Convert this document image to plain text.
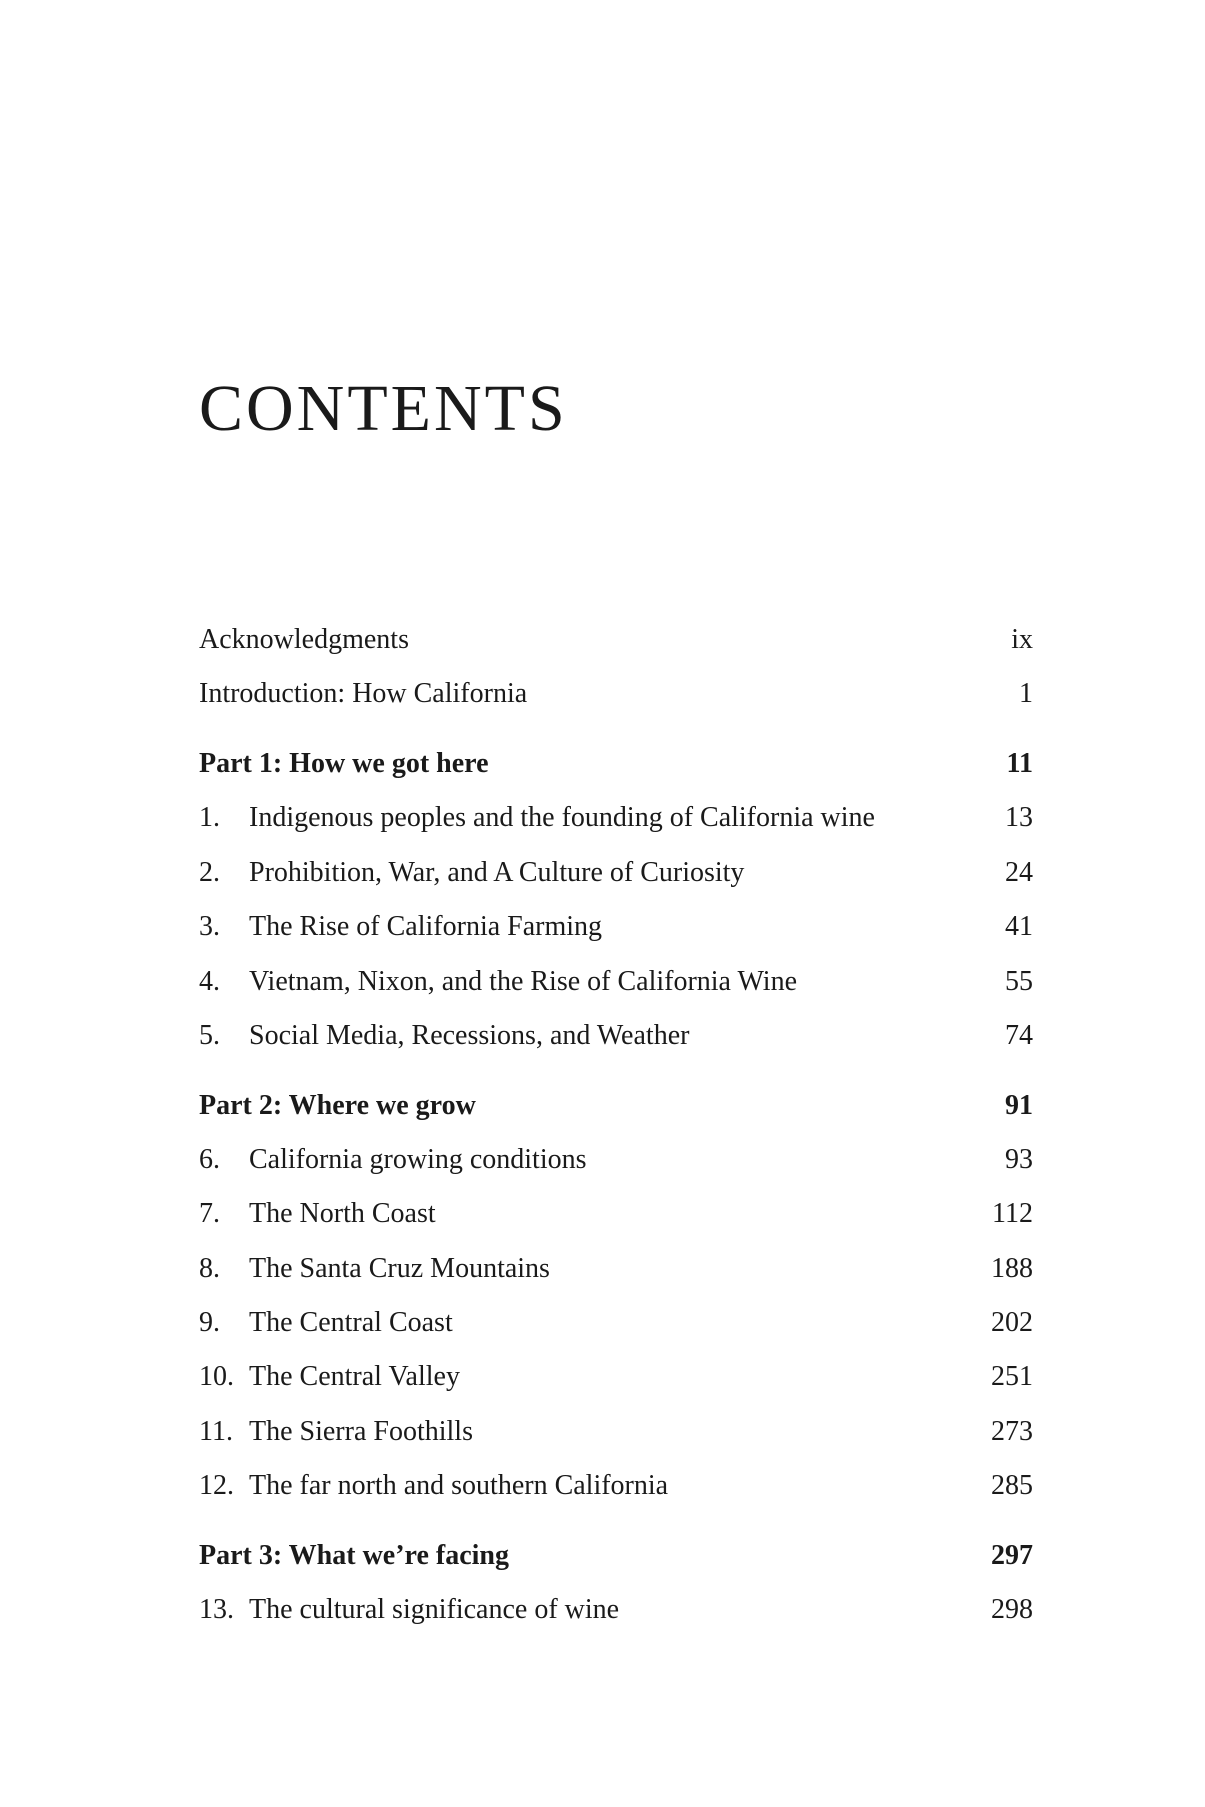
CONTENTS
Acknowledgments	ix
Introduction: How California	1
Part 1: How we got here	11
1. Indigenous peoples and the founding of California wine	13
2. Prohibition, War, and A Culture of Curiosity	24
3. The Rise of California Farming	41
4. Vietnam, Nixon, and the Rise of California Wine	55
5. Social Media, Recessions, and Weather	74
Part 2: Where we grow	91
6. California growing conditions	93
7. The North Coast	112
8. The Santa Cruz Mountains	188
9. The Central Coast	202
10. The Central Valley	251
11. The Sierra Foothills	273
12. The far north and southern California	285
Part 3: What we’re facing	297
13. The cultural significance of wine	298
